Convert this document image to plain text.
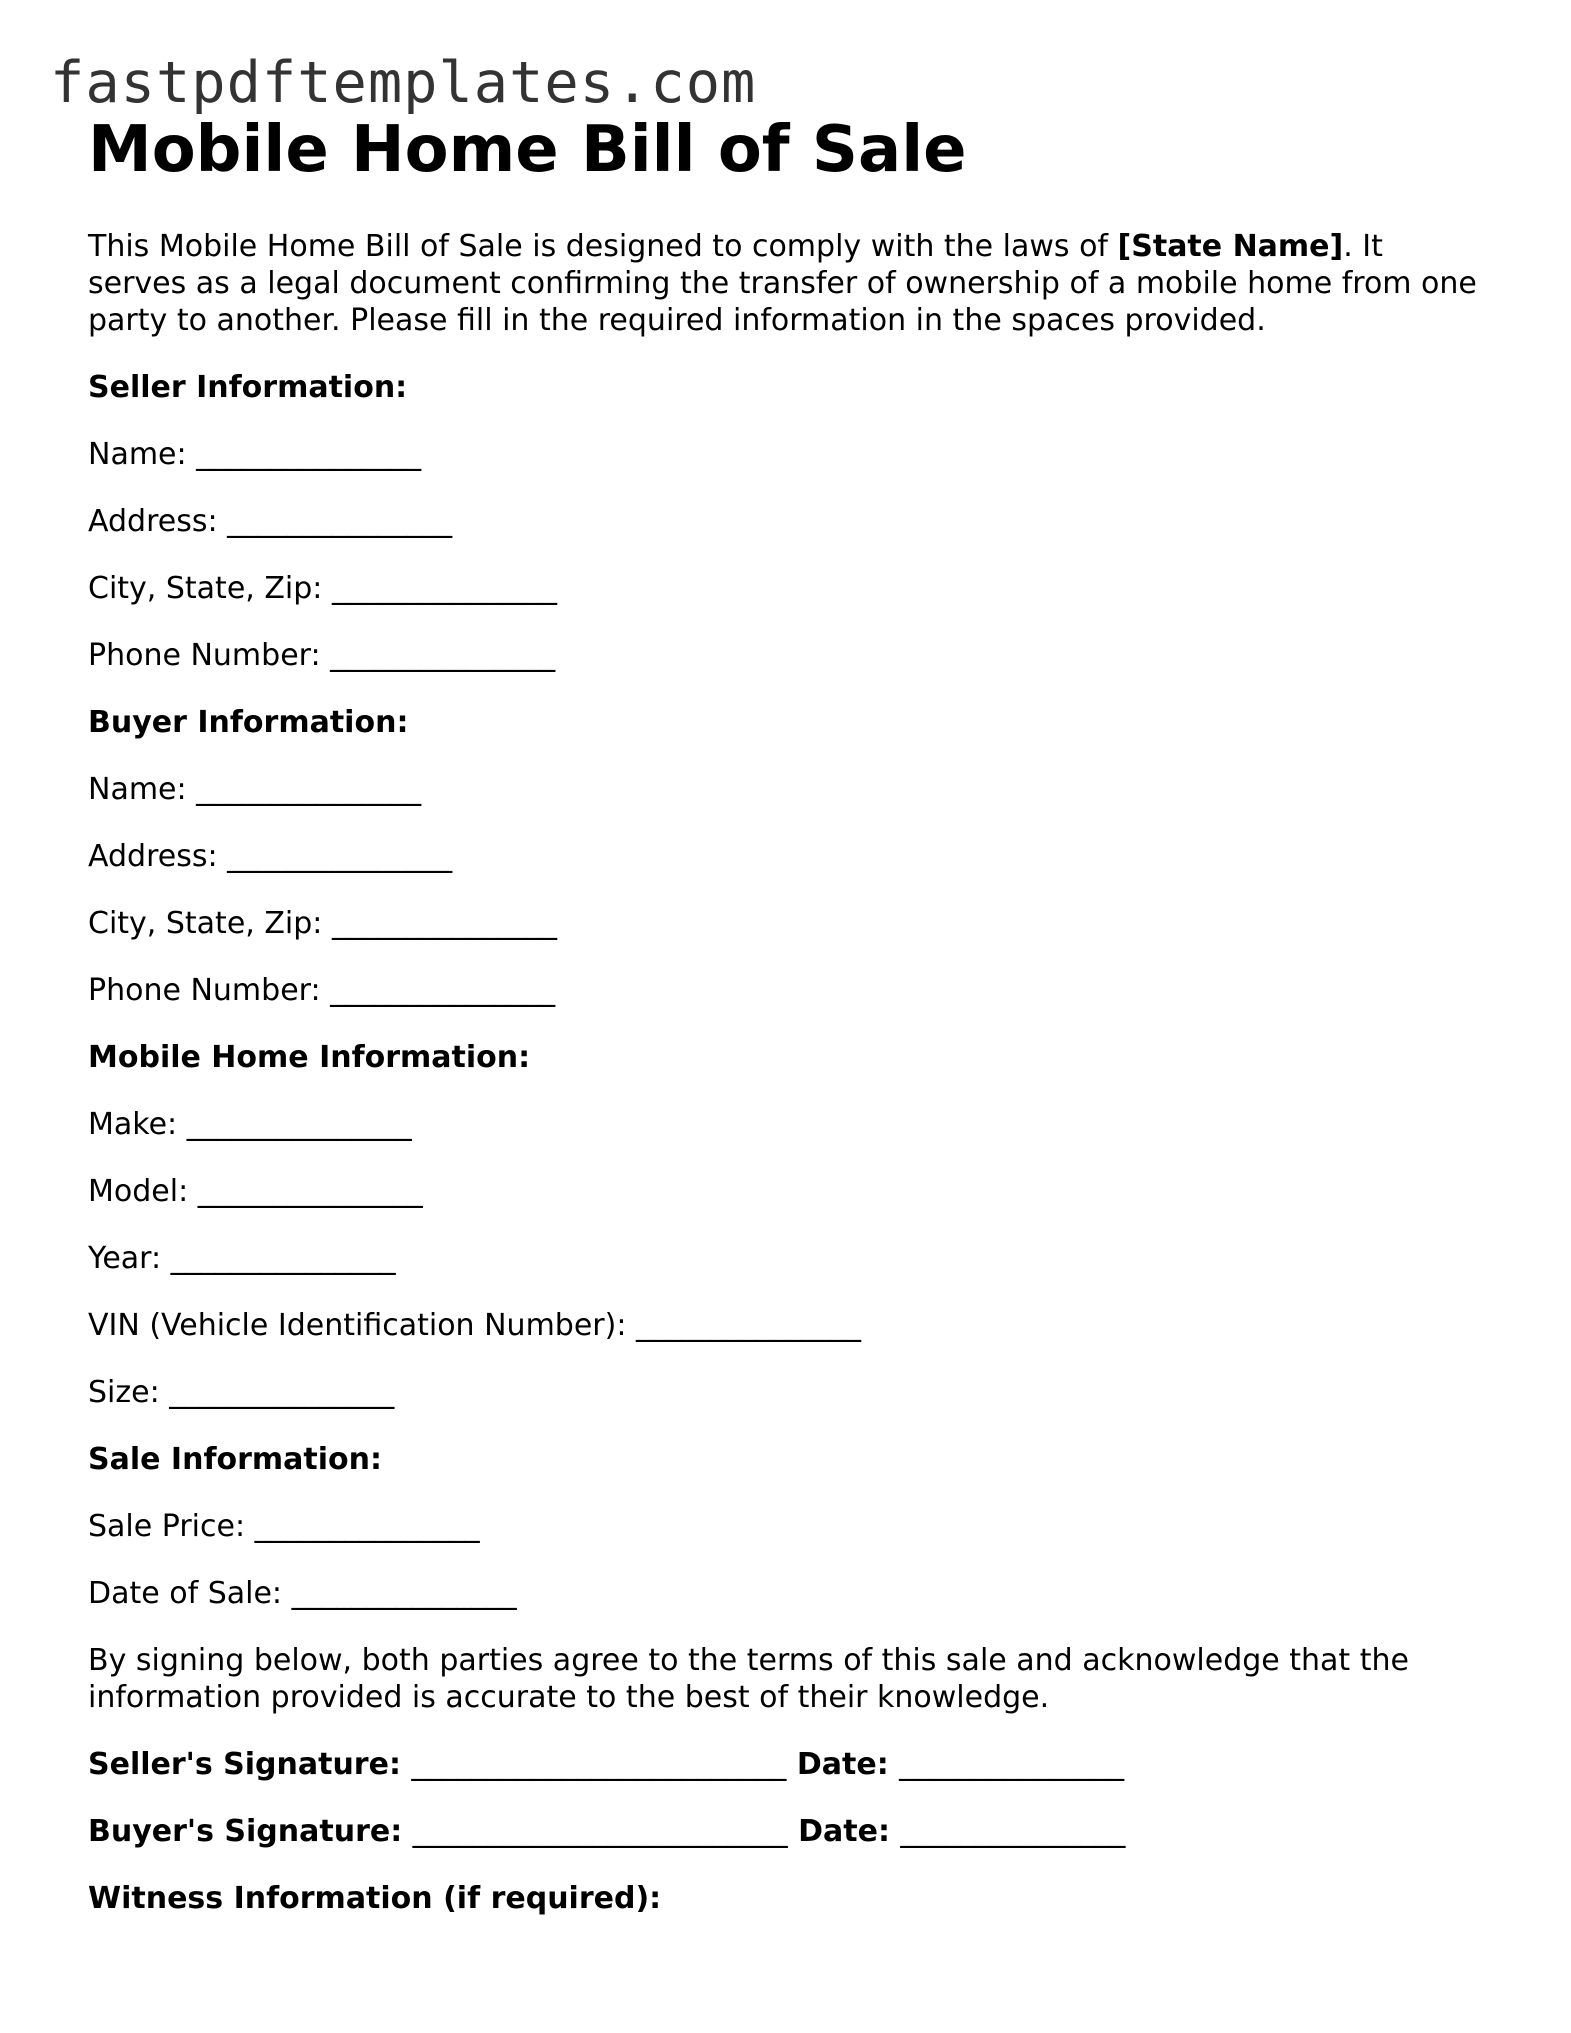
fastpdftemplates.com
Mobile Home Bill of Sale
This Mobile Home Bill of Sale is designed to comply with the laws of [State Name]. It serves as a legal document confirming the transfer of ownership of a mobile home from one party to another. Please fill in the required information in the spaces provided.
Seller Information:
Name: _______________
Address: _______________
City, State, Zip: _______________
Phone Number: _______________
Buyer Information:
Name: _______________
Address: _______________
City, State, Zip: _______________
Phone Number: _______________
Mobile Home Information:
Make: _______________
Model: _______________
Year: _______________
VIN (Vehicle Identification Number): _______________
Size: _______________
Sale Information:
Sale Price: _______________
Date of Sale: _______________
By signing below, both parties agree to the terms of this sale and acknowledge that the information provided is accurate to the best of their knowledge.
Seller's Signature: _________________________ Date: _______________
Buyer's Signature: _________________________ Date: _______________
Witness Information (if required):
